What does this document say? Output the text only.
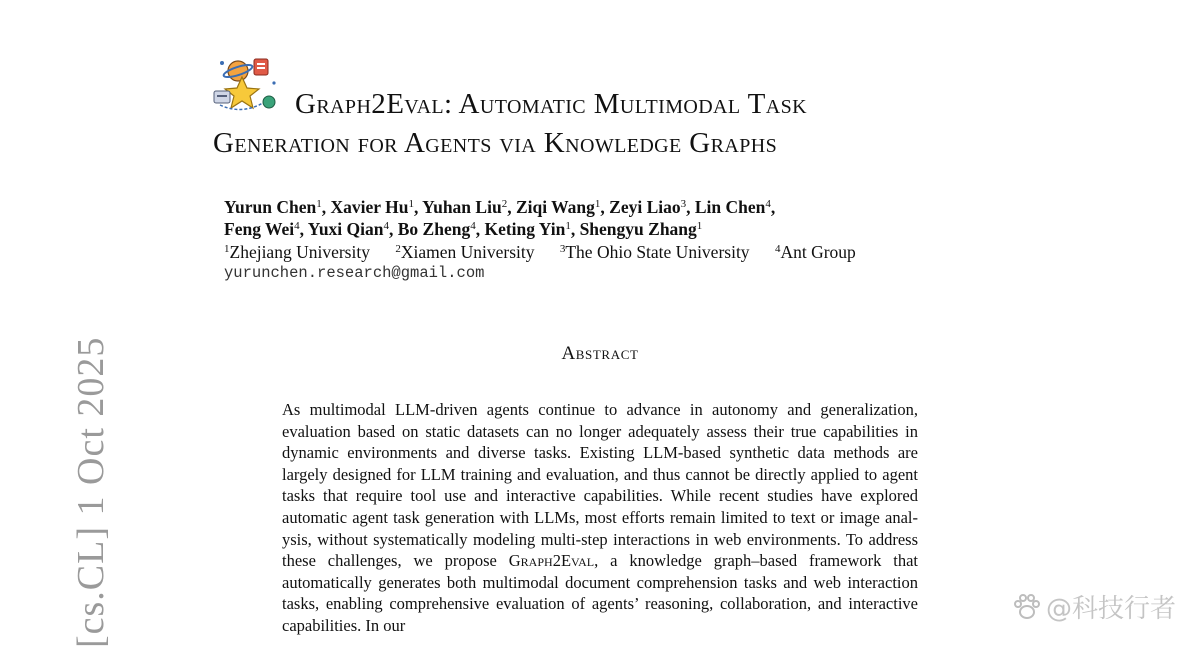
[cs.CL] 1 Oct 2025
Graph2Eval: Automatic Multimodal Task
Generation for Agents via Knowledge Graphs
Yurun Chen$^1$, Xavier Hu$^1$, Yuhan Liu$^2$, Ziqi Wang$^1$, Zeyi Liao$^3$, Lin Chen$^4$,
Feng Wei$^4$, Yuxi Qian$^4$, Bo Zheng$^4$, Keting Yin$^1$, Shengyu Zhang$^1$
$^1$Zhejiang University $^2$Xiamen University $^3$The Ohio State University $^4$Ant Group
yurunchen.research@gmail.com
Abstract

As multimodal LLM-driven agents continue to advance in autonomy and generalization, evaluation based on static datasets can no longer adequately assess their true capabilities in dynamic environments and diverse tasks. Existing LLM-based synthetic data methods are largely designed for LLM training and evaluation, and thus cannot be directly applied to agent tasks that require tool use and interactive capabilities. While recent studies have explored automatic agent task generation with LLMs, most efforts remain limited to text or image analysis, without systematically modeling multi-step interactions in web environments. To address these challenges, we propose Graph2Eval, a knowledge graph–based framework that automatically generates both multimodal document comprehension tasks and web interaction tasks, enabling comprehensive evaluation of agents’ reasoning, collaboration, and interactive capabilities. In our

@科技行者
